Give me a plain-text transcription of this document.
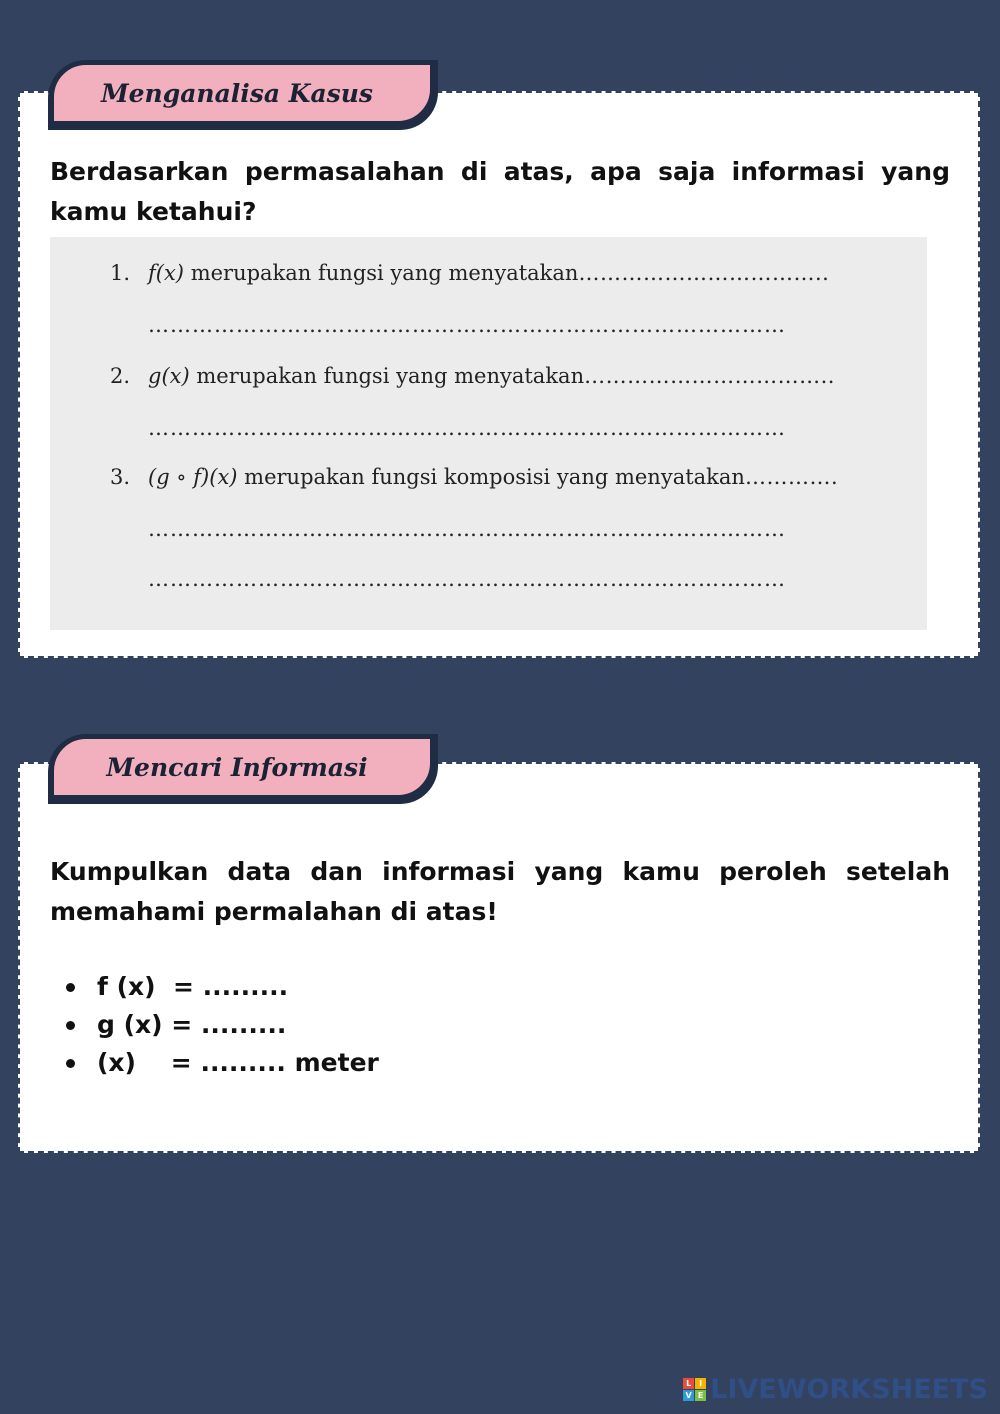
Menganalisa Kasus

Berdasarkan permasalahan di atas, apa saja informasi yang kamu ketahui?

1. f(x) merupakan fungsi yang menyatakan……………………………..
……………………………………………………………………………
2. g(x) merupakan fungsi yang menyatakan……………………………..
……………………………………………………………………………
3. (g ∘ f)(x) merupakan fungsi komposisi yang menyatakan………….
……………………………………………………………………………
……………………………………………………………………………
Mencari Informasi

Kumpulkan data dan informasi yang kamu peroleh setelah memahami permalahan di atas!

f (x)  = .........
g (x) = .........
(x)    = ......... meter
L I
V E LIVEWORKSHEETS
